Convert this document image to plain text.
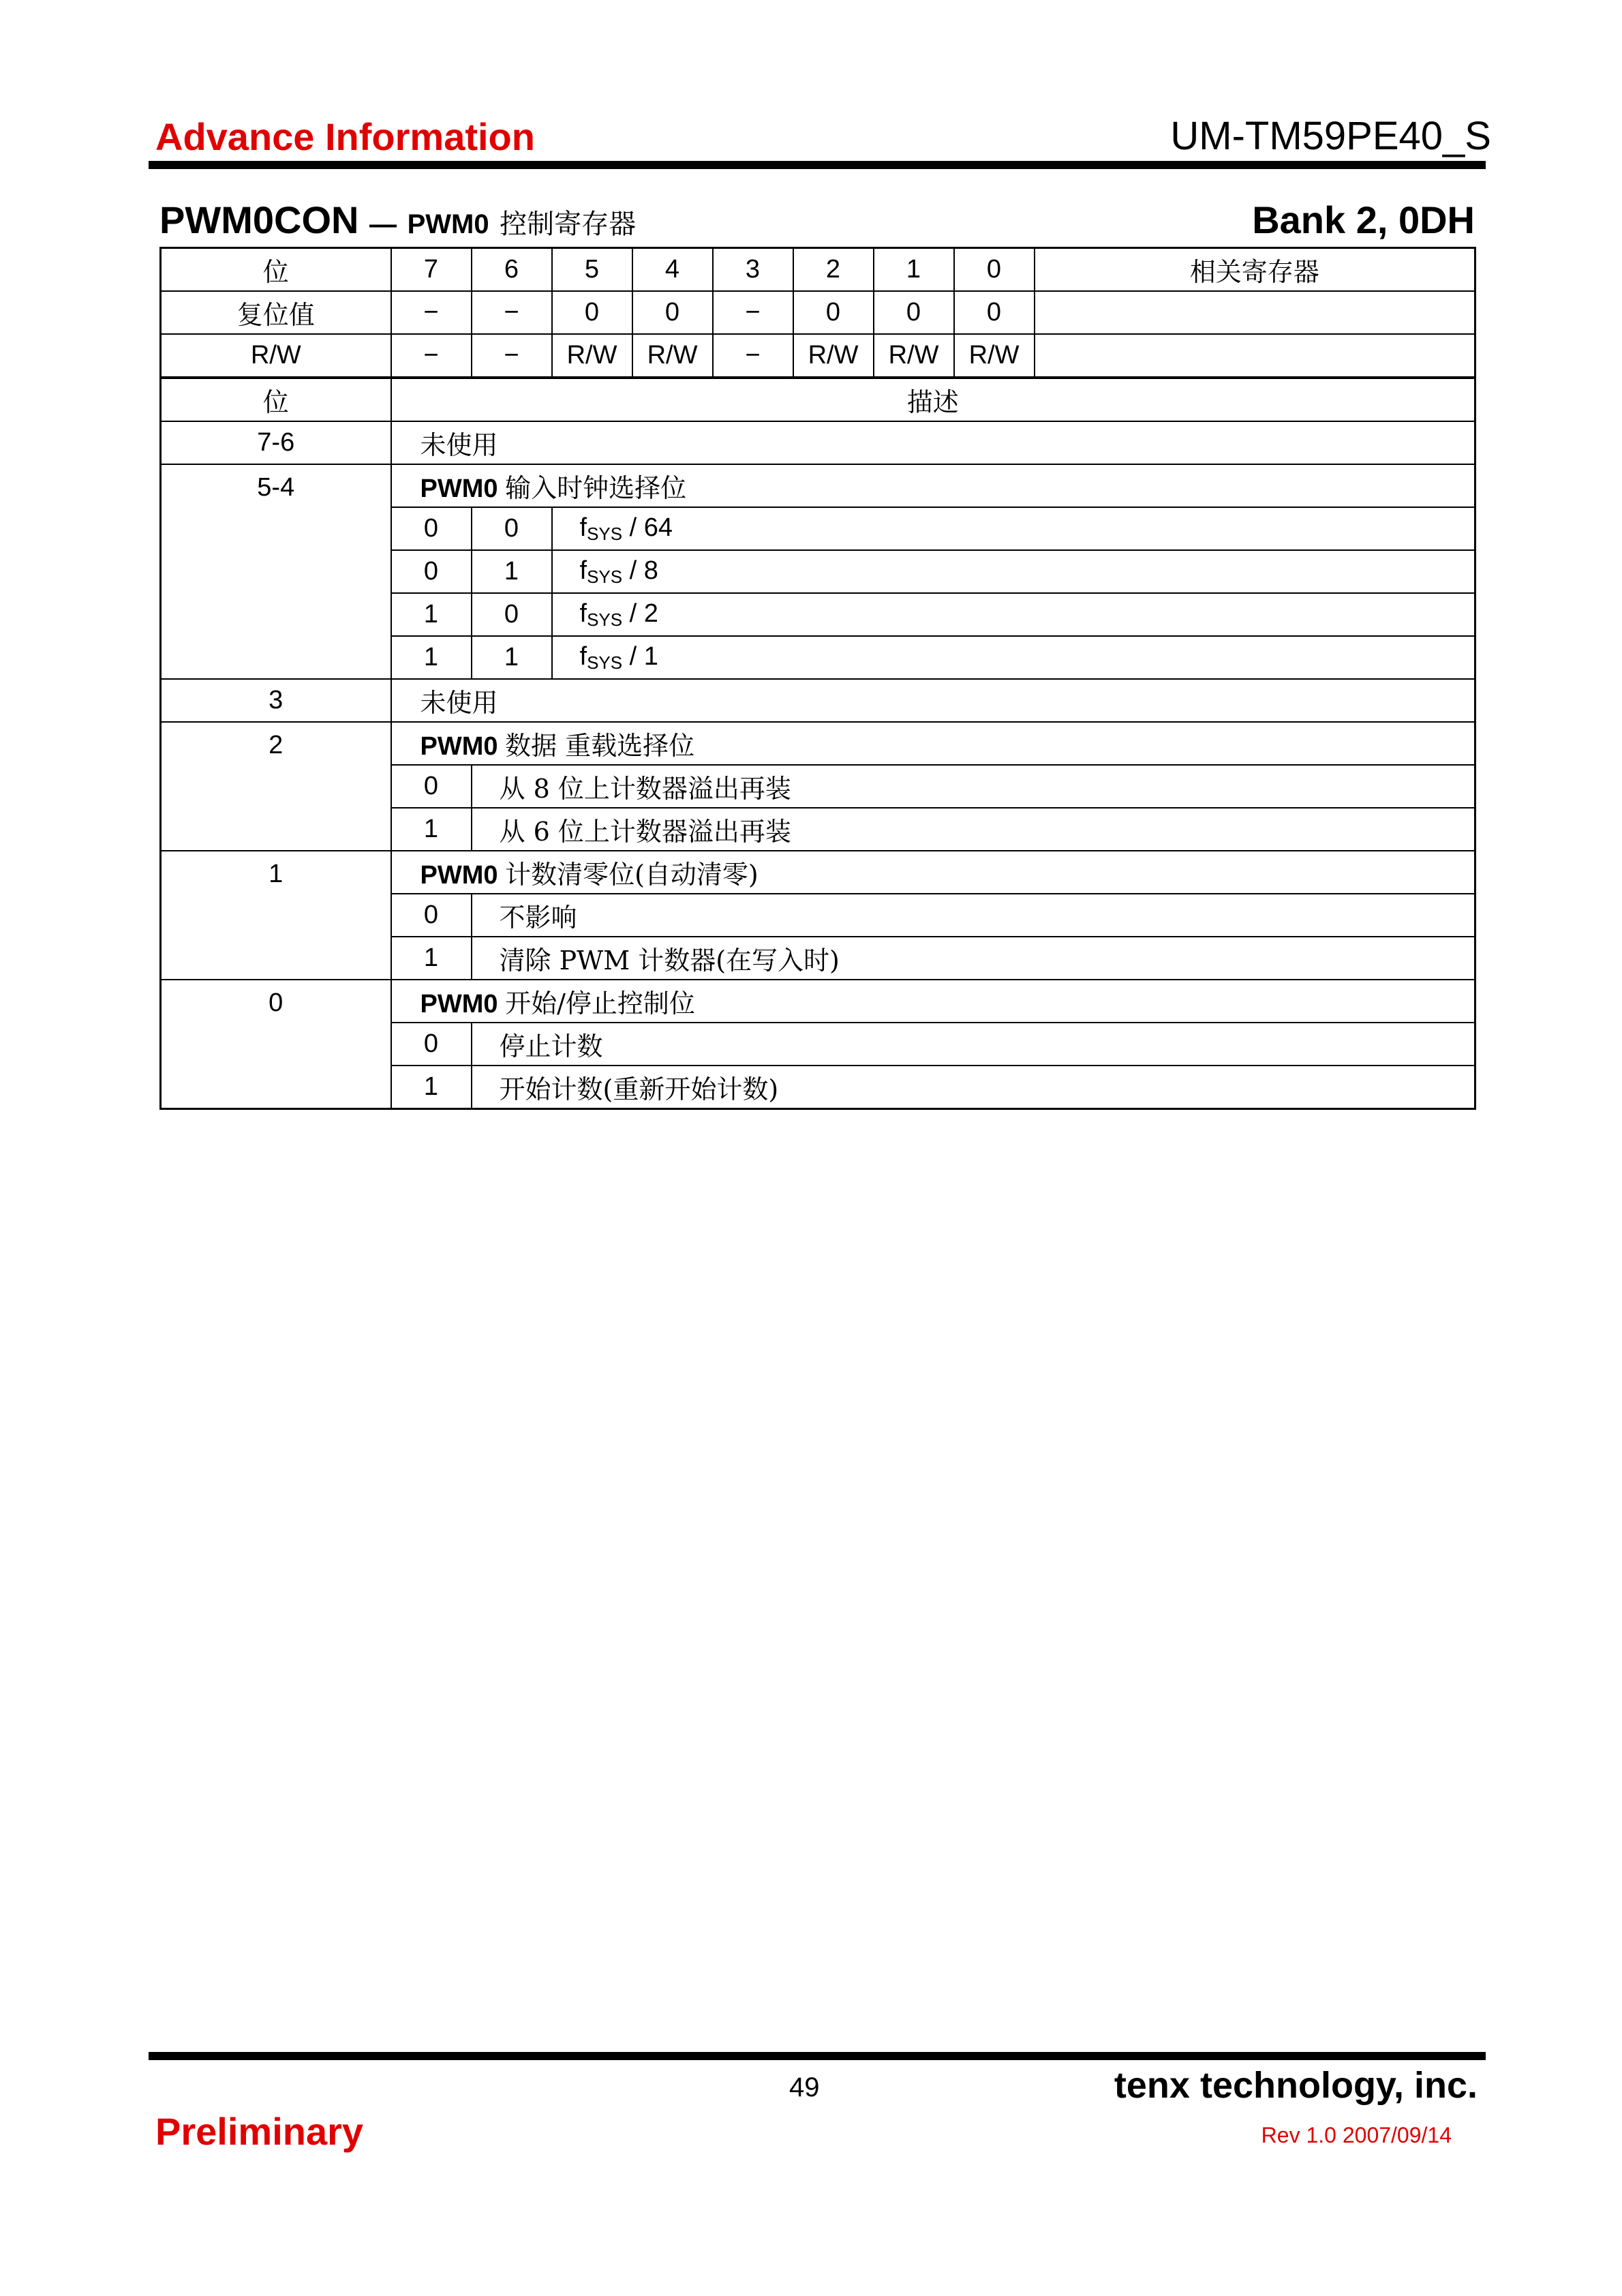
Advance Information	UM-TM59PE40_S
PWM0CON — PWM0 控制寄存器	Bank 2, 0DH
位	7	6	5	4	3	2	1	0	相关寄存器
复位值	−	−	0	0	−	0	0	0	
R/W	−	−	R/W	R/W	−	R/W	R/W	R/W	
位	描述								
7-6	未使用								
5-4	PWM0 输入时钟选择位								
	0	0	$f_{SYS} / 64$						
	0	1	$f_{SYS} / 8$						
	1	0	$f_{SYS} / 2$						
	1	1	$f_{SYS} / 1$						
3	未使用								
2	PWM0 数据 重载选择位								
	0	从 8 位上计数器溢出再装							
	1	从 6 位上计数器溢出再装							
1	PWM0 计数清零位(自动清零)								
	0	不影响							
	1	清除 PWM 计数器(在写入时)							
0	PWM0 开始/停止控制位								
	0	停止计数							
	1	开始计数(重新开始计数)							
49	tenx technology, inc.
Preliminary	Rev 1.0 2007/09/14
